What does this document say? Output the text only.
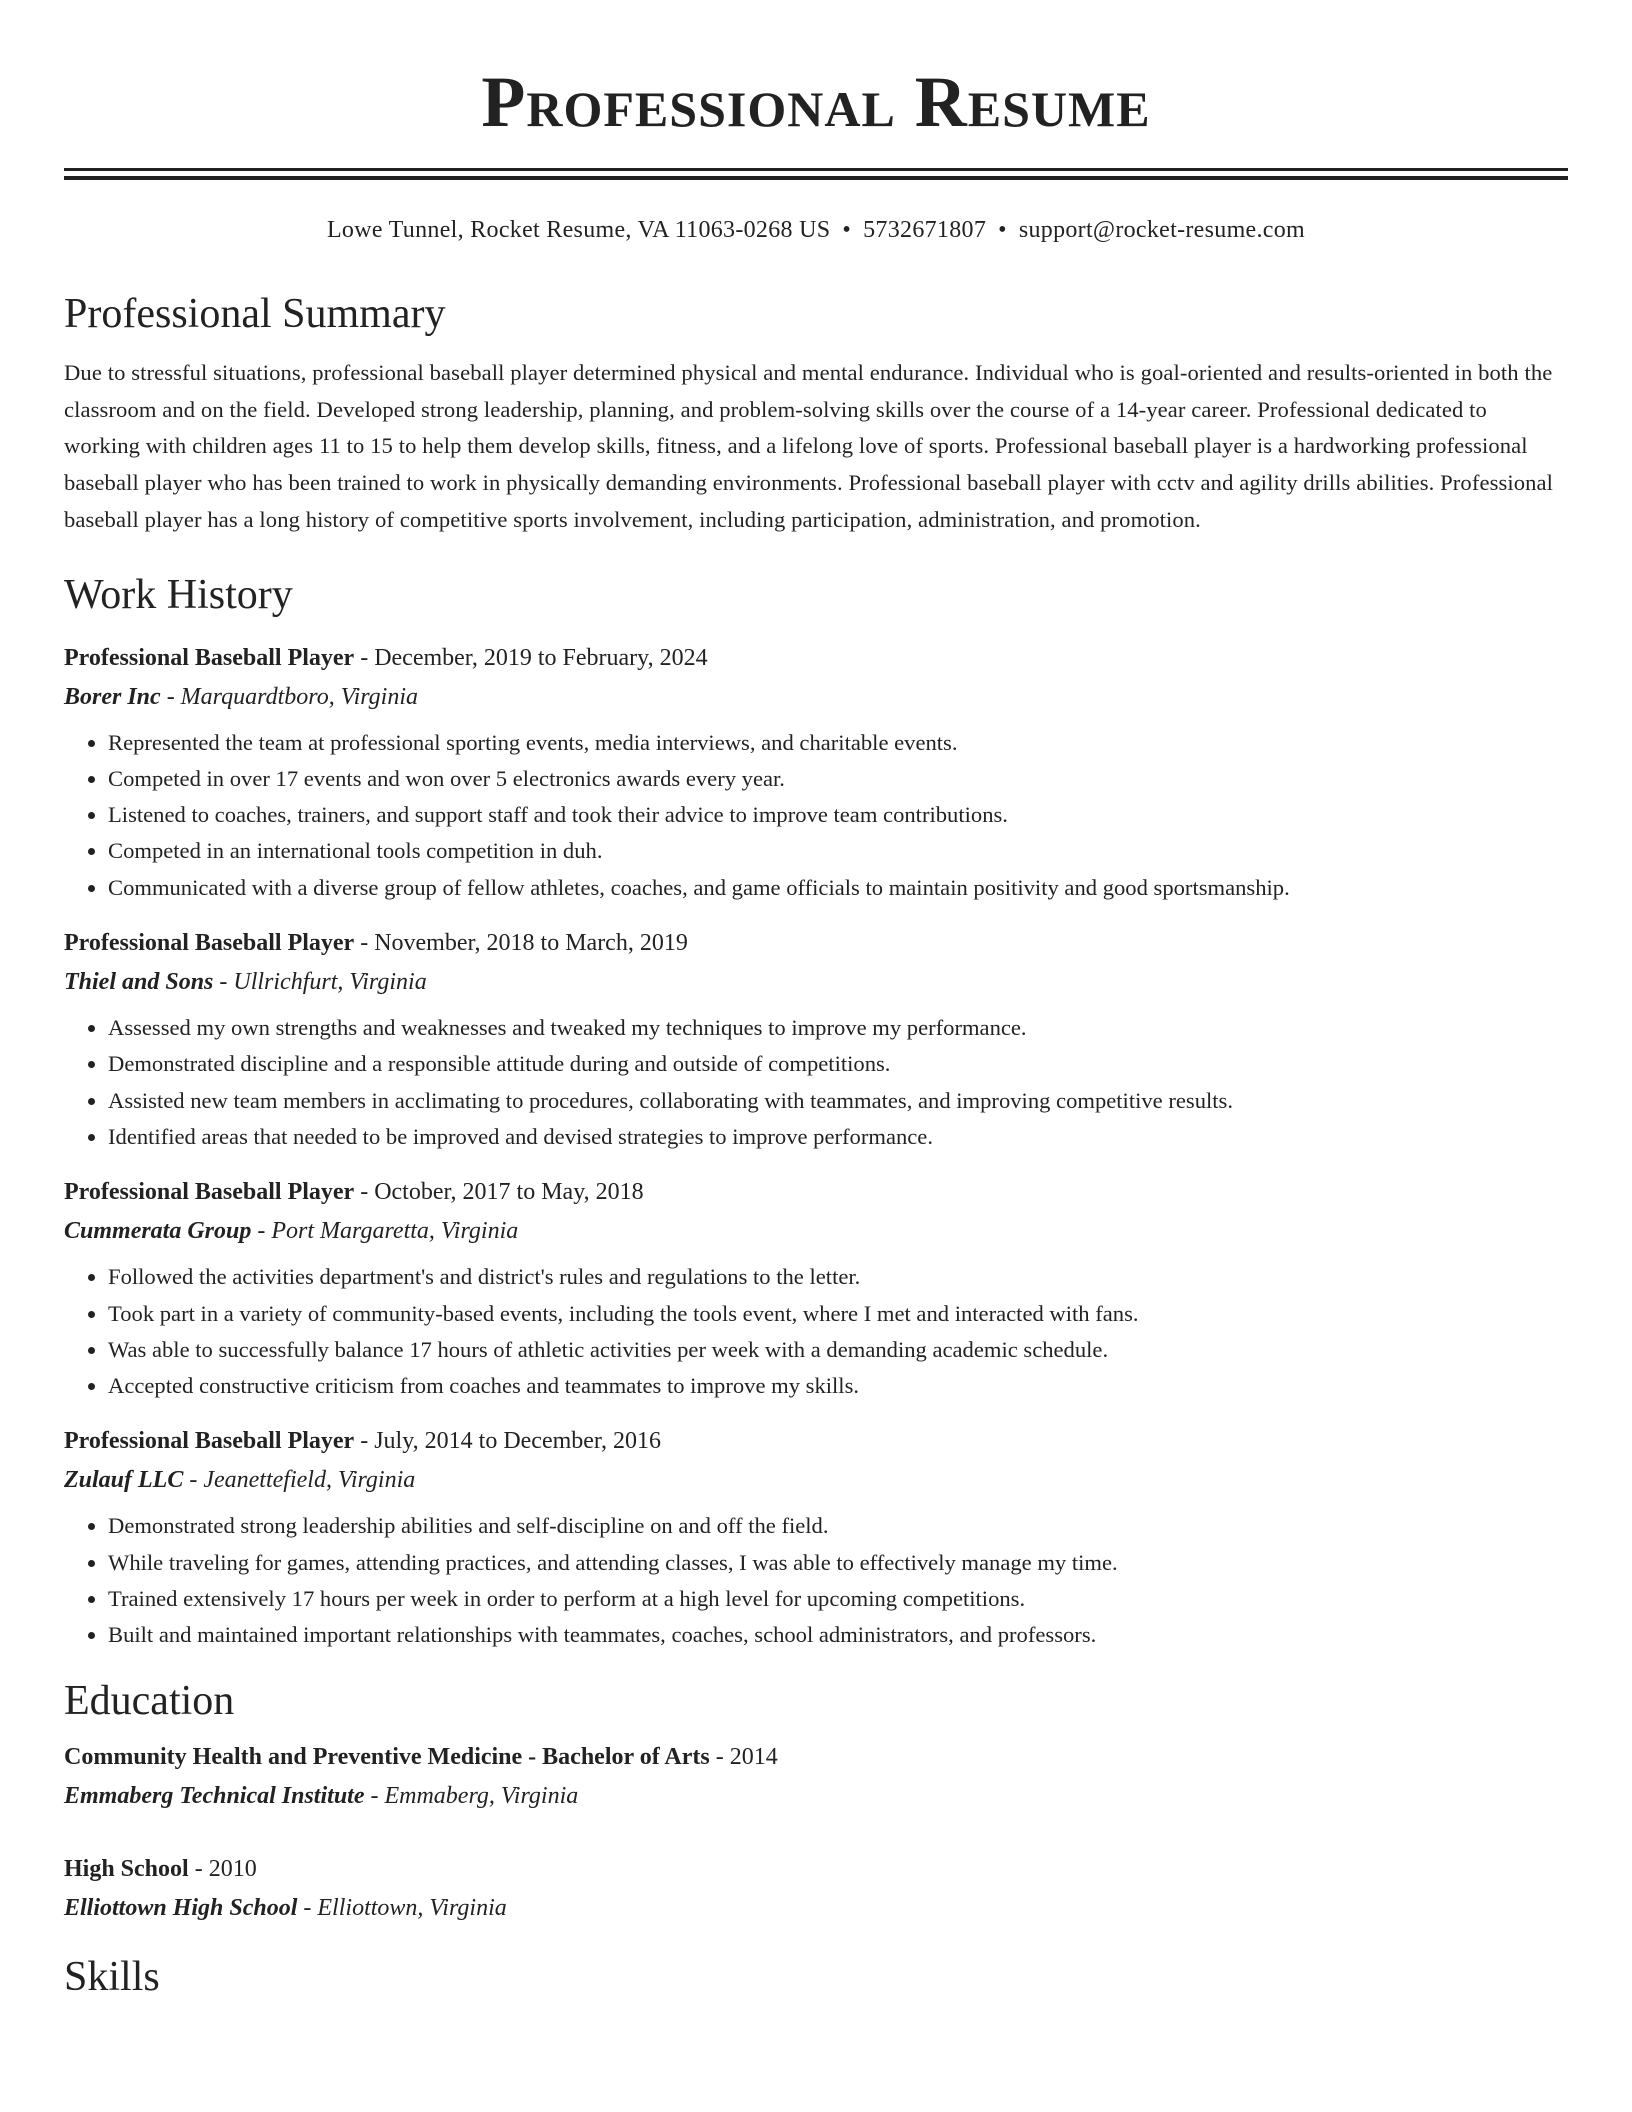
Professional Resume
Lowe Tunnel, Rocket Resume, VA 11063-0268 US • 5732671807 • support@rocket-resume.com
Professional Summary
Due to stressful situations, professional baseball player determined physical and mental endurance. Individual who is goal-oriented and results-oriented in both the classroom and on the field. Developed strong leadership, planning, and problem-solving skills over the course of a 14-year career. Professional dedicated to working with children ages 11 to 15 to help them develop skills, fitness, and a lifelong love of sports. Professional baseball player is a hardworking professional baseball player who has been trained to work in physically demanding environments. Professional baseball player with cctv and agility drills abilities. Professional baseball player has a long history of competitive sports involvement, including participation, administration, and promotion.
Work History
Professional Baseball Player - December, 2019 to February, 2024
Borer Inc - Marquardtboro, Virginia
• Represented the team at professional sporting events, media interviews, and charitable events.
• Competed in over 17 events and won over 5 electronics awards every year.
• Listened to coaches, trainers, and support staff and took their advice to improve team contributions.
• Competed in an international tools competition in duh.
• Communicated with a diverse group of fellow athletes, coaches, and game officials to maintain positivity and good sportsmanship.
Professional Baseball Player - November, 2018 to March, 2019
Thiel and Sons - Ullrichfurt, Virginia
• Assessed my own strengths and weaknesses and tweaked my techniques to improve my performance.
• Demonstrated discipline and a responsible attitude during and outside of competitions.
• Assisted new team members in acclimating to procedures, collaborating with teammates, and improving competitive results.
• Identified areas that needed to be improved and devised strategies to improve performance.
Professional Baseball Player - October, 2017 to May, 2018
Cummerata Group - Port Margaretta, Virginia
• Followed the activities department's and district's rules and regulations to the letter.
• Took part in a variety of community-based events, including the tools event, where I met and interacted with fans.
• Was able to successfully balance 17 hours of athletic activities per week with a demanding academic schedule.
• Accepted constructive criticism from coaches and teammates to improve my skills.
Professional Baseball Player - July, 2014 to December, 2016
Zulauf LLC - Jeanettefield, Virginia
• Demonstrated strong leadership abilities and self-discipline on and off the field.
• While traveling for games, attending practices, and attending classes, I was able to effectively manage my time.
• Trained extensively 17 hours per week in order to perform at a high level for upcoming competitions.
• Built and maintained important relationships with teammates, coaches, school administrators, and professors.
Education
Community Health and Preventive Medicine - Bachelor of Arts - 2014
Emmaberg Technical Institute - Emmaberg, Virginia
High School - 2010
Elliottown High School - Elliottown, Virginia
Skills
